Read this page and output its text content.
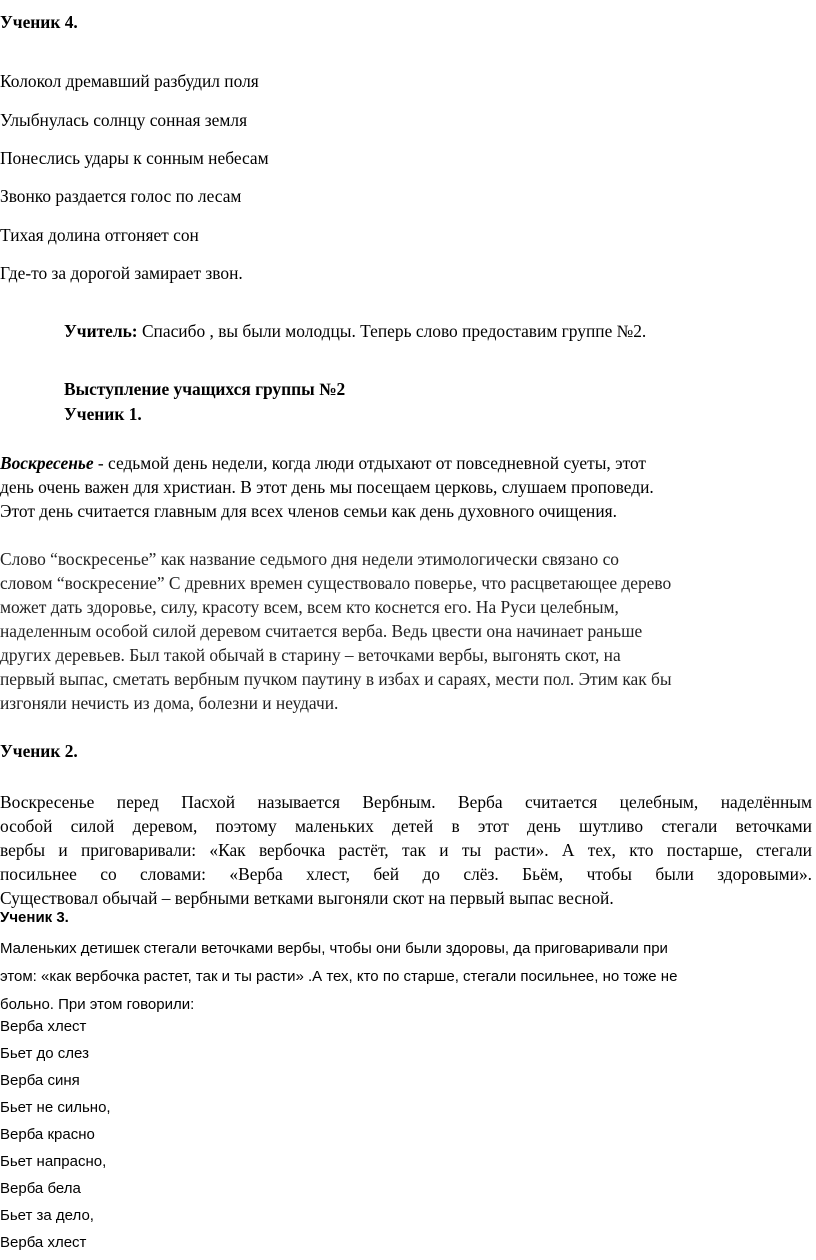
Ученик 4.
Колокол дремавший разбудил поля
Улыбнулась солнцу сонная земля
Понеслись удары к сонным небесам
Звонко раздается голос по лесам
Тихая долина отгоняет сон
Где-то за дорогой замирает звон.
Учитель: Спасибо , вы были молодцы. Теперь слово предоставим группе №2.
Выступление учащихся группы №2
Ученик 1.
Воскресенье - седьмой день недели, когда люди отдыхают от повседневной суеты, этот
день очень важен для христиан. В этот день мы посещаем церковь, слушаем проповеди.
Этот день считается главным для всех членов семьи как день духовного очищения.
Слово “воскресенье” как название седьмого дня недели этимологически связано со
словом “воскресение” С древних времен существовало поверье, что расцветающее дерево
может дать здоровье, силу, красоту всем, всем кто коснется его. На Руси целебным,
наделенным особой силой деревом считается верба. Ведь цвести она начинает раньше
других деревьев. Был такой обычай в старину – веточками вербы, выгонять скот, на
первый выпас, сметать вербным пучком паутину в избах и сараях, мести пол. Этим как бы
изгоняли нечисть из дома, болезни и неудачи.
Ученик 2.
Воскресенье перед Пасхой называется Вербным. Верба считается целебным, наделённым
особой силой деревом, поэтому маленьких детей в этот день шутливо стегали веточками
вербы и приговаривали: «Как вербочка растёт, так и ты расти». А тех, кто постарше, стегали
посильнее со словами: «Верба хлест, бей до слёз. Бьём, чтобы были здоровыми».
Существовал обычай – вербными ветками выгоняли скот на первый выпас весной.
Ученик 3.
Маленьких детишек стегали веточками вербы, чтобы они были здоровы, да приговаривали при
этом: «как вербочка растет, так и ты расти» .А тех, кто по старше, стегали посильнее, но тоже не
больно. При этом говорили:
Верба хлест
Бьет до слез
Верба синя
Бьет не сильно,
Верба красно
Бьет напрасно,
Верба бела
Бьет за дело,
Верба хлест
